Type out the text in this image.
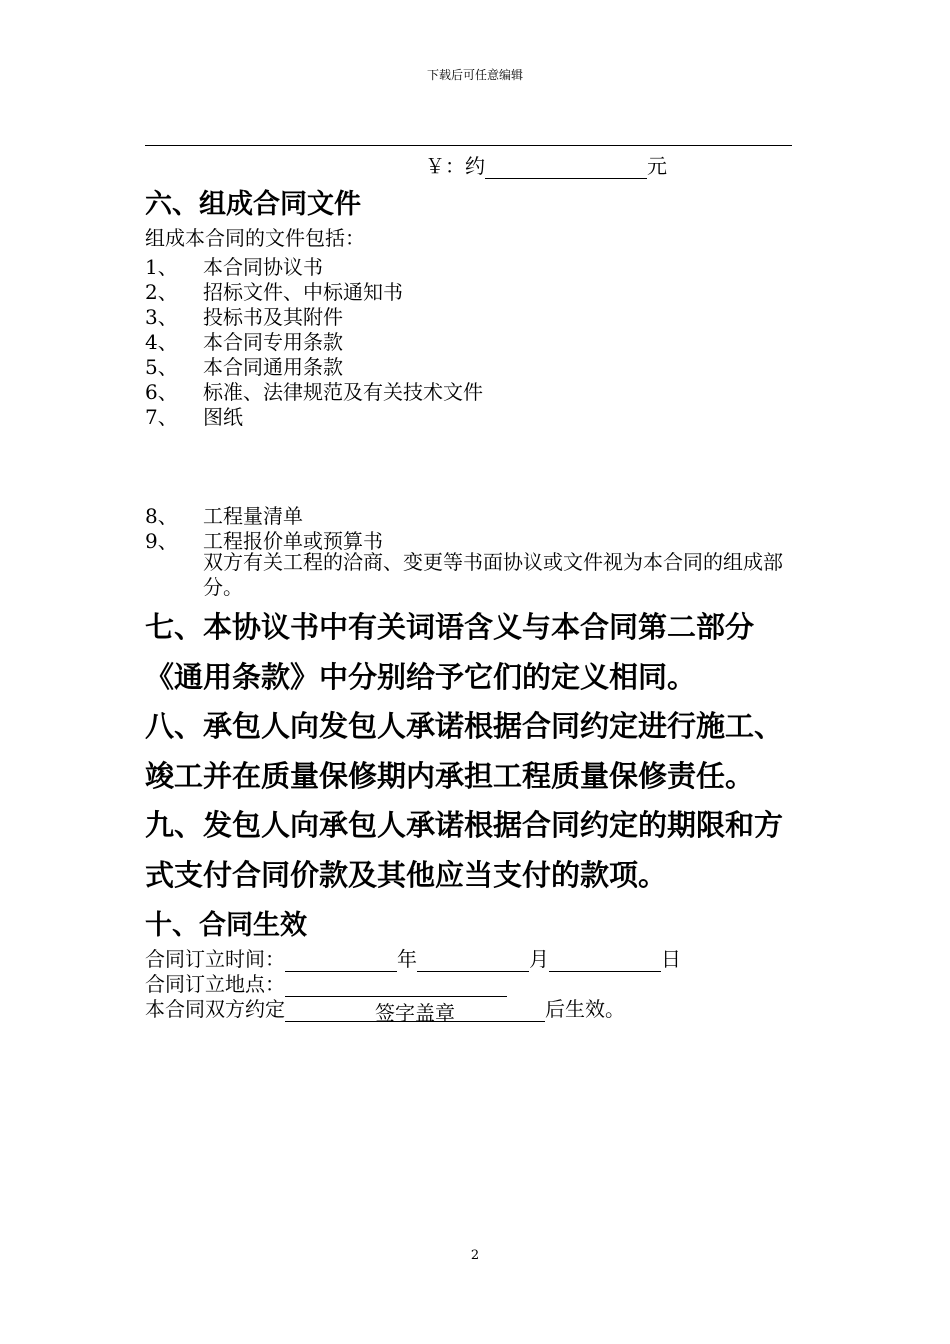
下载后可任意编辑
￥：约	元
六、组成合同文件
组成本合同的文件包括：
1、 本合同协议书
2、 招标文件、中标通知书
3、 投标书及其附件
4、 本合同专用条款
5、 本合同通用条款
6、 标准、法律规范及有关技术文件
7、 图纸
8、 工程量清单
9、 工程报价单或预算书
双方有关工程的洽商、变更等书面协议或文件视为本合同的组成部分。
七、本协议书中有关词语含义与本合同第二部分《通用条款》中分别给予它们的定义相同。
八、承包人向发包人承诺根据合同约定进行施工、竣工并在质量保修期内承担工程质量保修责任。
九、发包人向承包人承诺根据合同约定的期限和方式支付合同价款及其他应当支付的款项。
十、合同生效
合同订立时间：	年	月	日
合同订立地点：
本合同双方约定	签字盖章	后生效。
2
